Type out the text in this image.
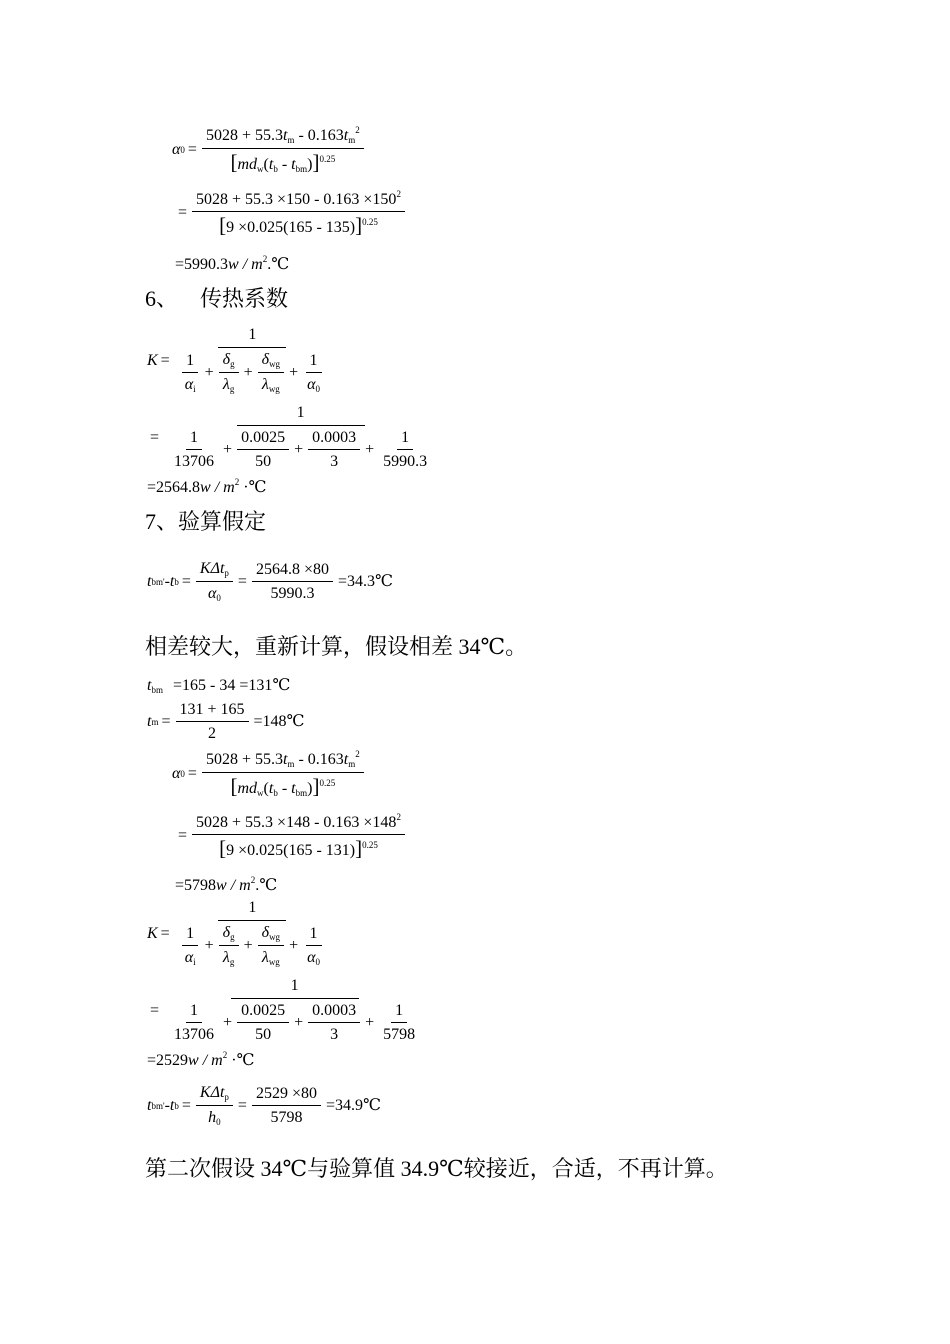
α $0 = \frac{5028 + 55.3t_m - 0.163t_m^2}{[md_w(t_b - t_{bm})]^{0.25}}$
= $\frac{5028 + 55.3 \times 150 - 0.163 \times 150^2}{[9 \times 0.025(165 - 135)]^{0.25}}$
$=5990.3w / m^2.℃$
6、    传热系数
K =
1
$\frac{1}{\alpha_i} + \frac{\delta_g}{\lambda_g} + \frac{\delta_{wg}}{\lambda_{wg}} + \frac{1}{\alpha_0}$
=
1
$\frac{1}{13706} + \frac{0.0025}{50} + \frac{0.0003}{3} + \frac{1}{5990.3}$
$=2564.8w / m^2$ ·℃
7、验算假定
t bm ' - t $b = \frac{K\Delta t_p}{\alpha_0} = \frac{2564.8 \times 80}{5990.3}$ =34.3℃
相差较大，重新计算，假设相差 34℃。
$t_{bm} =165 - 34$ =131℃
t $m = \frac{131 + 165}{2}$ =148℃
α $0 = \frac{5028 + 55.3t_m - 0.163t_m^2}{[md_w(t_b - t_{bm})]^{0.25}}$
= $\frac{5028 + 55.3 \times 148 - 0.163 \times 148^2}{[9 \times 0.025(165 - 131)]^{0.25}}$
$=5798w / m^2.℃$
K =
1
$\frac{1}{\alpha_i} + \frac{\delta_g}{\lambda_g} + \frac{\delta_{wg}}{\lambda_{wg}} + \frac{1}{\alpha_0}$
=
1
$\frac{1}{13706} + \frac{0.0025}{50} + \frac{0.0003}{3} + \frac{1}{5798}$
$=2529w / m^2$ ·℃
t bm ' - t $b = \frac{K\Delta t_p}{h_0} = \frac{2529 \times 80}{5798}$ =34.9℃
第二次假设 34℃与验算值 34.9℃较接近，合适，不再计算。
